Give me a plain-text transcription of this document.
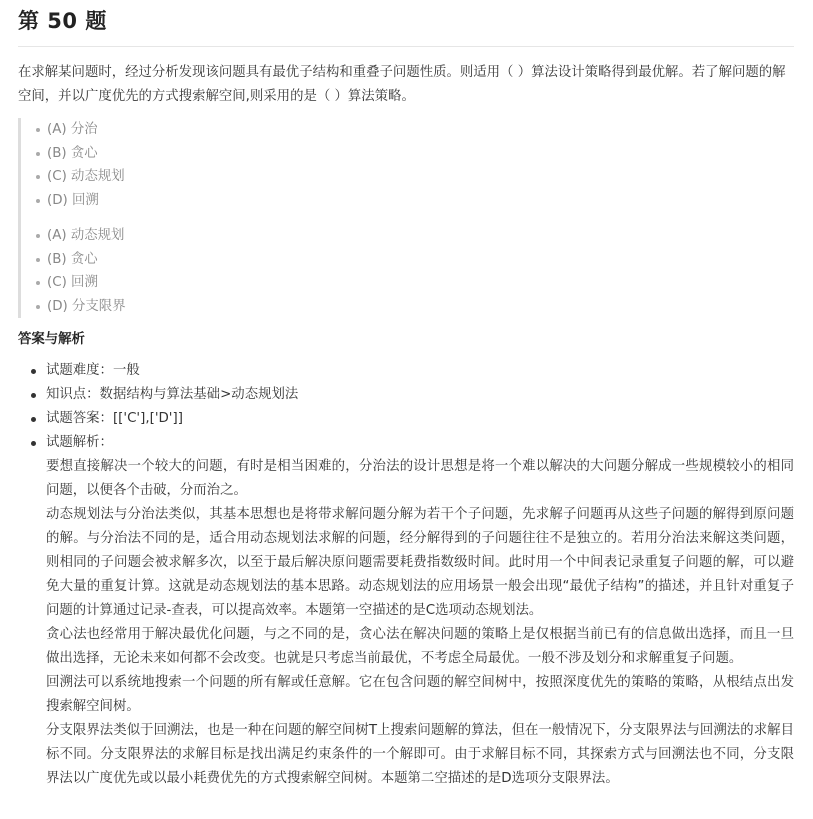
第 50 题
在求解某问题时，经过分析发现该问题具有最优子结构和重叠子问题性质。则适用（ ）算法设计策略得到最优解。若了解问题的解空间，并以广度优先的方式搜索解空间,则采用的是（ ）算法策略。
(A) 分治
(B) 贪心
(C) 动态规划
(D) 回溯
(A) 动态规划
(B) 贪心
(C) 回溯
(D) 分支限界
答案与解析
试题难度：一般
知识点：数据结构与算法基础>动态规划法
试题答案：[['C'],['D']]
试题解析：

要想直接解决一个较大的问题，有时是相当困难的，分治法的设计思想是将一个难以解决的大问题分解成一些规模较小的相同问题，以便各个击破，分而治之。

动态规划法与分治法类似，其基本思想也是将带求解问题分解为若干个子问题，先求解子问题再从这些子问题的解得到原问题的解。与分治法不同的是，适合用动态规划法求解的问题，经分解得到的子问题往往不是独立的。若用分治法来解这类问题，则相同的子问题会被求解多次，以至于最后解决原问题需要耗费指数级时间。此时用一个中间表记录重复子问题的解，可以避免大量的重复计算。这就是动态规划法的基本思路。动态规划法的应用场景一般会出现“最优子结构”的描述，并且针对重复子问题的计算通过记录-查表，可以提高效率。本题第一空描述的是C选项动态规划法。

贪心法也经常用于解决最优化问题，与之不同的是，贪心法在解决问题的策略上是仅根据当前已有的信息做出选择，而且一旦做出选择，无论未来如何都不会改变。也就是只考虑当前最优，不考虑全局最优。一般不涉及划分和求解重复子问题。

回溯法可以系统地搜索一个问题的所有解或任意解。它在包含问题的解空间树中，按照深度优先的策略的策略，从根结点出发搜索解空间树。

分支限界法类似于回溯法，也是一种在问题的解空间树T上搜索问题解的算法，但在一般情况下，分支限界法与回溯法的求解目标不同。分支限界法的求解目标是找出满足约束条件的一个解即可。由于求解目标不同，其探索方式与回溯法也不同，分支限界法以广度优先或以最小耗费优先的方式搜索解空间树。本题第二空描述的是D选项分支限界法。
